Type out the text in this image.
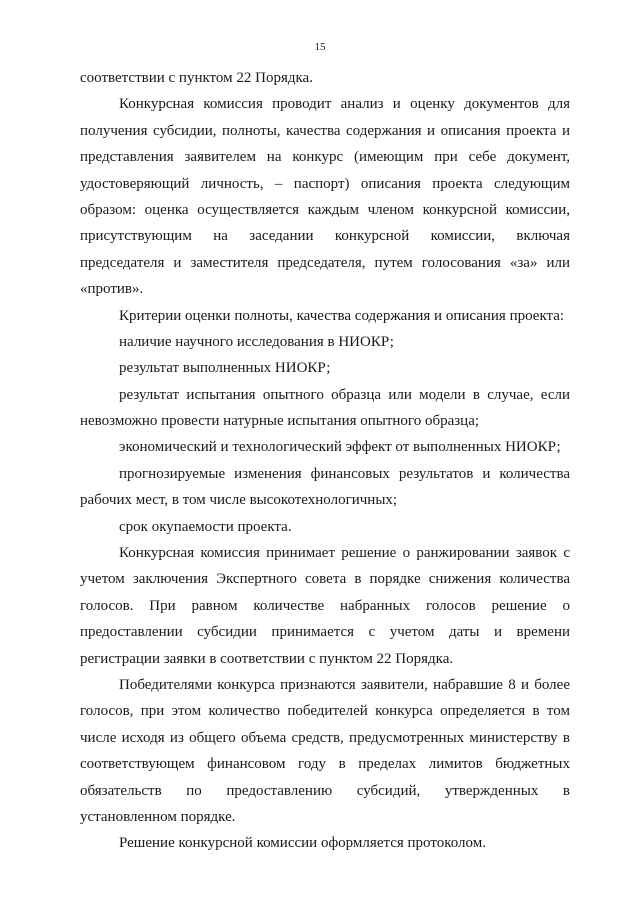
15
соответствии с пунктом 22 Порядка.
Конкурсная комиссия проводит анализ и оценку документов для
получения субсидии, полноты, качества содержания и описания проекта и
представления заявителем на конкурс (имеющим при себе документ,
удостоверяющий личность, – паспорт) описания проекта следующим
образом: оценка осуществляется каждым членом конкурсной комиссии,
присутствующим на заседании конкурсной комиссии, включая
председателя и заместителя председателя, путем голосования «за» или
«против».
Критерии оценки полноты, качества содержания и описания проекта:
наличие научного исследования в НИОКР;
результат выполненных НИОКР;
результат испытания опытного образца или модели в случае, если
невозможно провести натурные испытания опытного образца;
экономический и технологический эффект от выполненных НИОКР;
прогнозируемые изменения финансовых результатов и количества
рабочих мест, в том числе высокотехнологичных;
срок окупаемости проекта.
Конкурсная комиссия принимает решение о ранжировании заявок с
учетом заключения Экспертного совета в порядке снижения количества
голосов. При равном количестве набранных голосов решение о
предоставлении субсидии принимается с учетом даты и времени
регистрации заявки в соответствии с пунктом 22 Порядка.
Победителями конкурса признаются заявители, набравшие 8 и более
голосов, при этом количество победителей конкурса определяется в том
числе исходя из общего объема средств, предусмотренных министерству в
соответствующем финансовом году в пределах лимитов бюджетных
обязательств по предоставлению субсидий, утвержденных в
установленном порядке.
Решение конкурсной комиссии оформляется протоколом.
